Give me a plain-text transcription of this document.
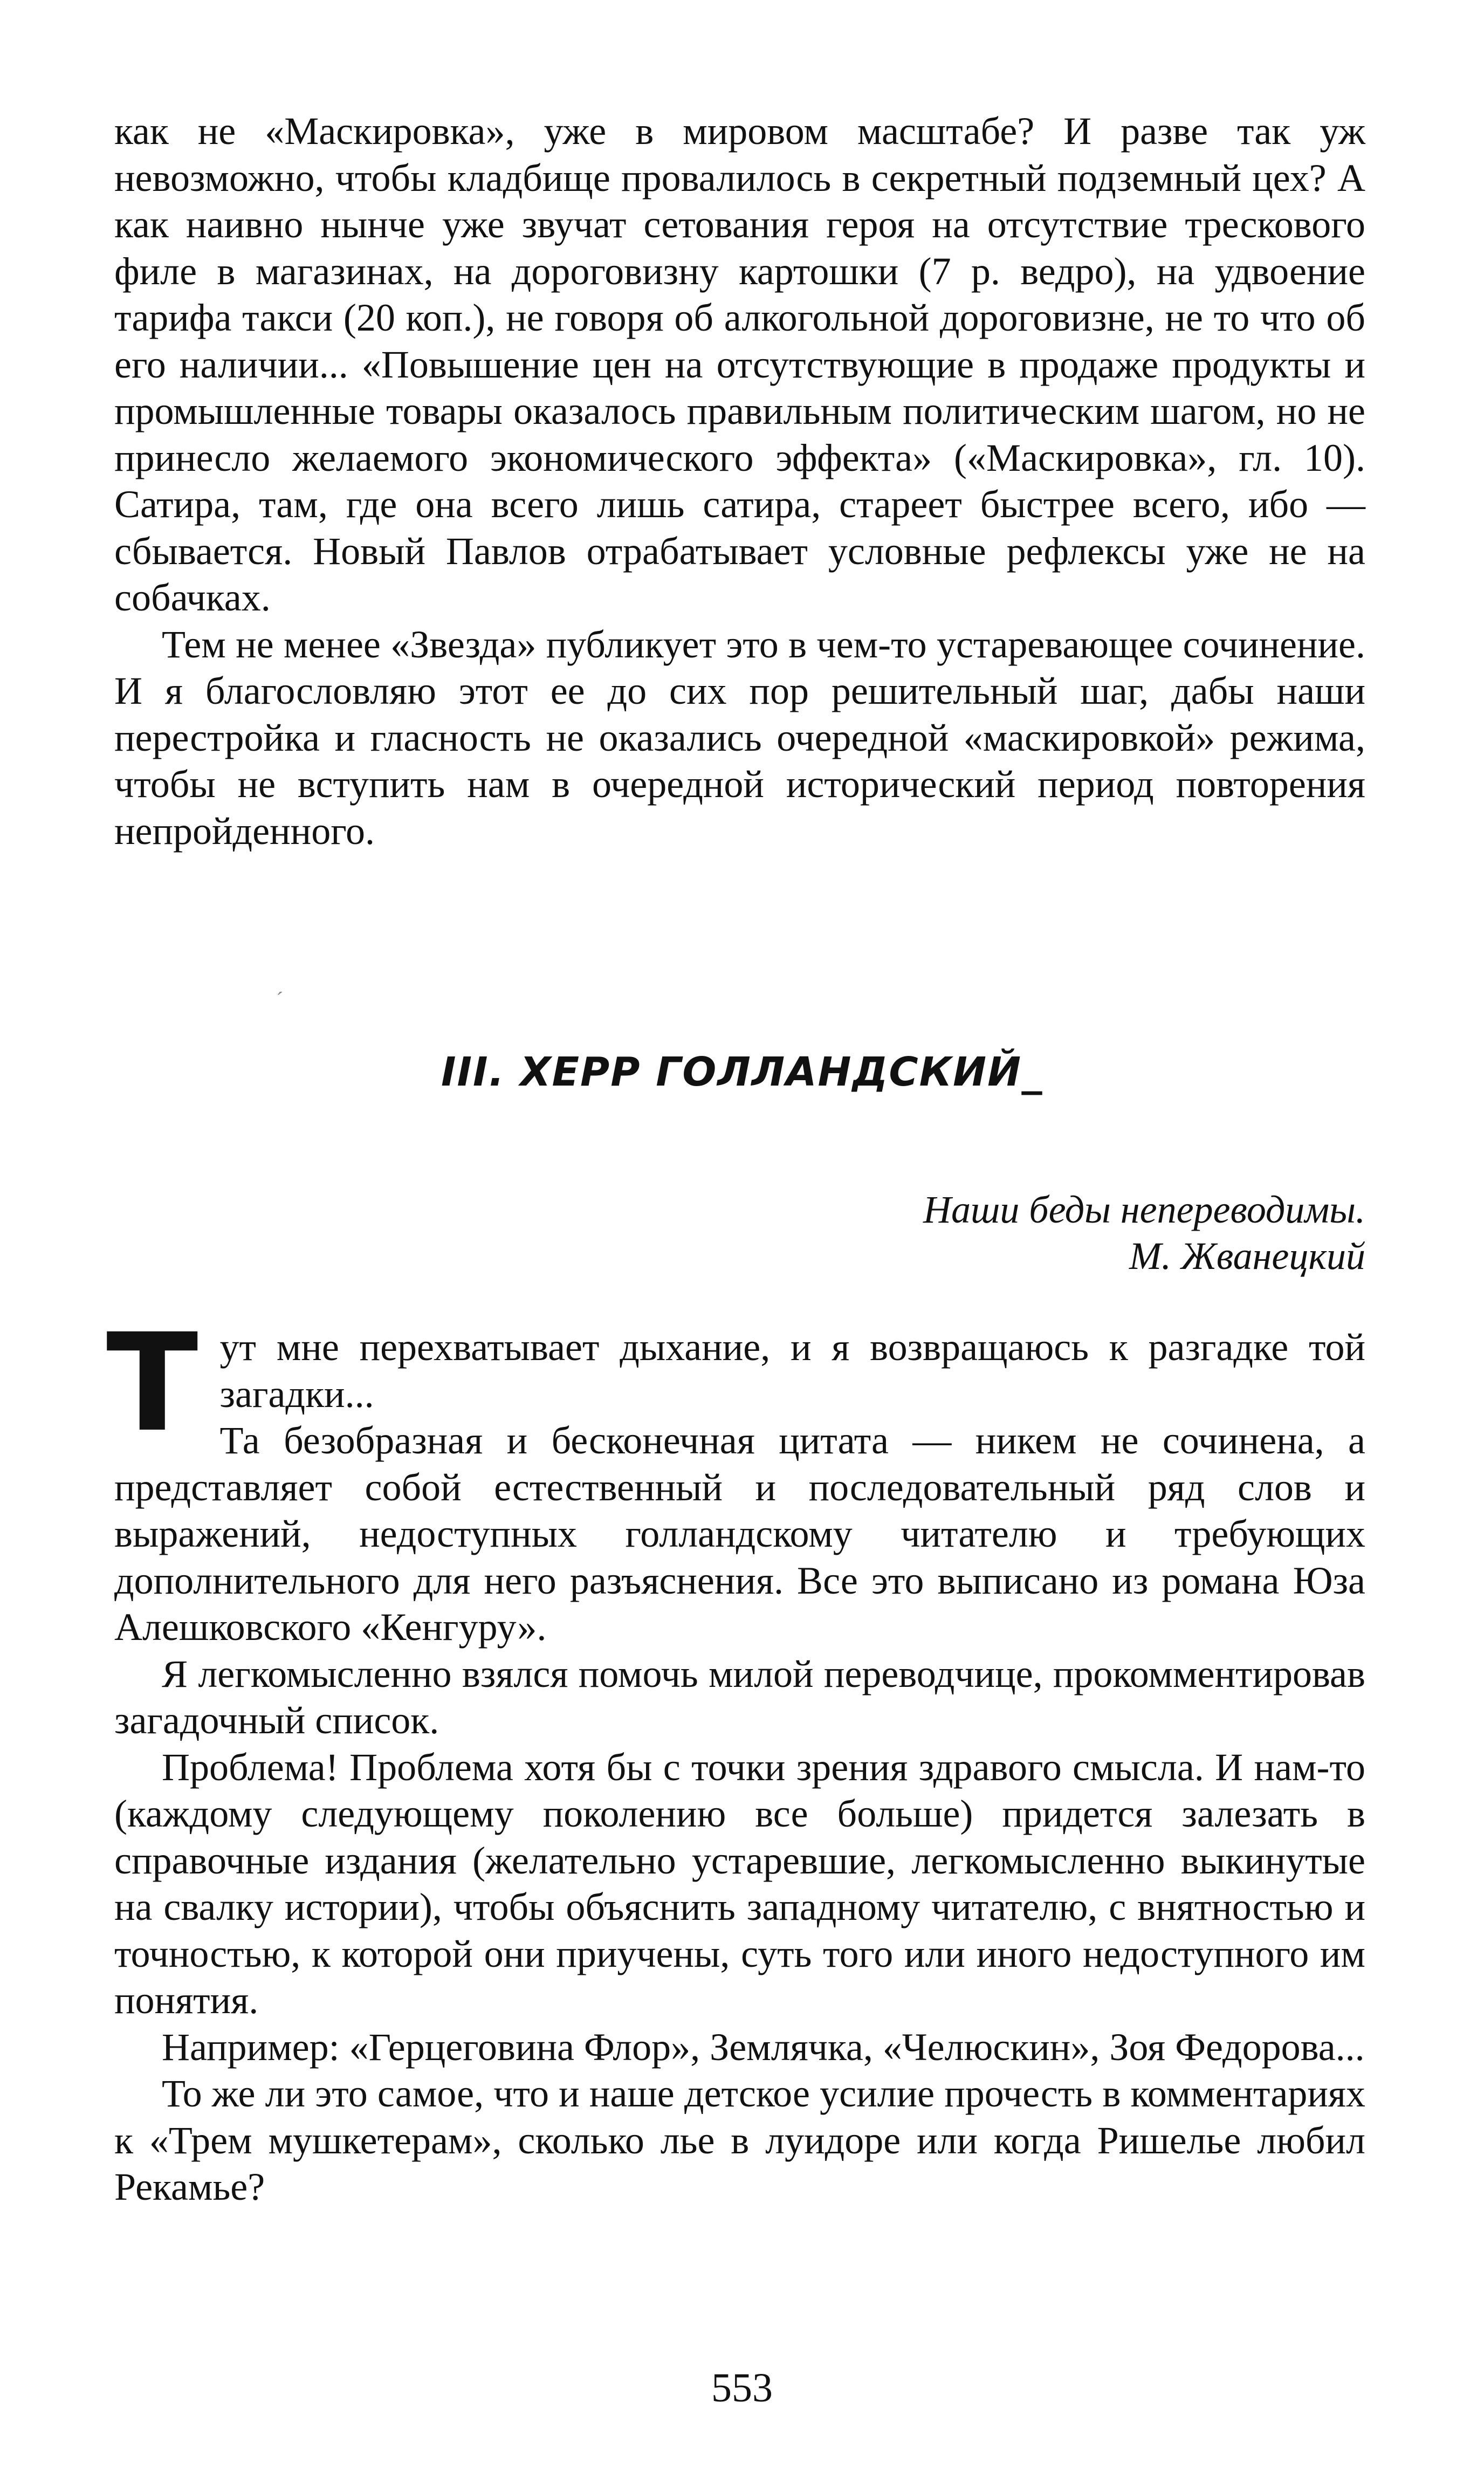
как не «Маскировка», уже в мировом масштабе? И разве так уж невозможно, чтобы кладбище провалилось в секретный подземный цех? А как наивно нынче уже звучат сетования героя на отсутствие трескового филе в магазинах, на дороговизну картошки (7 р. ведро), на удвоение тарифа такси (20 коп.), не говоря об алкогольной дороговизне, не то что об его наличии... «Повышение цен на отсутствующие в продаже продукты и промышленные товары оказалось правильным политическим шагом, но не принесло желаемого экономического эффекта» («Маскировка», гл. 10). Сатира, там, где она всего лишь сатира, стареет быстрее всего, ибо — сбывается. Новый Павлов отрабатывает условные рефлексы уже не на собачках.

Тем не менее «Звезда» публикует это в чем-то устаревающее сочинение. И я благословляю этот ее до сих пор решительный шаг, дабы наши перестройка и гласность не оказались очередной «маскировкой» режима, чтобы не вступить нам в очередной исторический период повторения непройденного.

ˊ
III. ХЕРР ГОЛЛАНДСКИЙ_
Наши беды непереводимы.
М. Жванецкий

Тут мне перехватывает дыхание, и я возвращаюсь к разгадке той загадки...

Та безобразная и бесконечная цитата — никем не сочинена, а представляет собой естественный и последовательный ряд слов и выражений, недоступных голландскому читателю и требующих дополнительного для него разъяснения. Все это выписано из романа Юза Алешковского «Кенгуру».

Я легкомысленно взялся помочь милой переводчице, прокомментировав загадочный список.

Проблема! Проблема хотя бы с точки зрения здравого смысла. И нам-то (каждому следующему поколению все больше) придется залезать в справочные издания (желательно устаревшие, легкомысленно выкинутые на свалку истории), чтобы объяснить западному читателю, с внятностью и точностью, к которой они приучены, суть того или иного недоступного им понятия.

Например: «Герцеговина Флор», Землячка, «Челюскин», Зоя Федорова...

То же ли это самое, что и наше детское усилие прочесть в комментариях к «Трем мушкетерам», сколько лье в луидоре или когда Ришелье любил Рекамье?

553
